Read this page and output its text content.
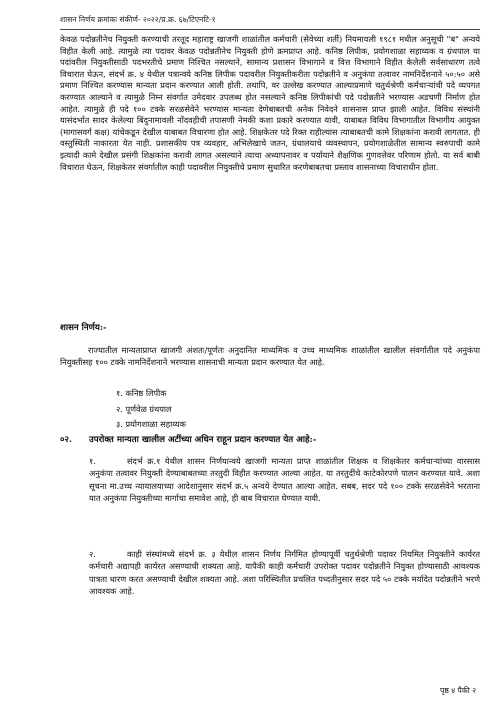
शासन निर्णय क्रमांकः संकीर्ण- २०२२/प्र.क्र. ६७/टिएनटि-१

केवळ पदोन्नतीनेच नियुक्ती करण्याची तरतूद महाराष्ट्र खाजगी शाळांतील कर्मचारी (सेवेच्या शर्ती) नियमावली १९८१ मधील अनुसूची "ब" अन्वये विहीत केली आहे. त्यामुळे त्या पदावर केवळ पदोन्नतीनेच नियुक्ती होणे क्रमप्राप्त आहे. कनिष्ठ लिपीक, प्रयोगशाळा सहाय्यक व ग्रंथपाल या पदांवरील नियुक्तीसाठी पदभरतीचे प्रमाण निश्चित नसल्याने, सामान्य प्रशासन विभागाने व वित्त विभागाने विहीत केलेली सर्वसाधारण तत्वे विचारात घेऊन, संदर्भ क्र. ४ येथील पत्रान्वये कनिष्ठ लिपीक पदावरील नियुक्तीकरीता पदोन्नतीने व अनुकंपा तत्वावर नामनिर्देशनाने ५०:५० असे प्रमाण निश्चित करण्यास मान्यता प्रदान करण्यात आली होती. तथापि, वर उल्लेख करण्यात आल्याप्रमाणे चतुर्थश्रेणी कर्मचाऱ्यांची पदे व्यपगत करण्यात आल्याने व त्यामुळे निम्न संवर्गात उमेदवार उपलब्ध होत नसल्याने कनिष्ठ लिपीकांची पदे पदोन्नतीने भरण्यास अडचणी निर्माण होत आहेत. त्यामुळे ही पदे १०० टक्के सरळसेवेने भरण्यास मान्यता देणेबाबतची अनेक निवेदने शासनास प्राप्त झाली आहेत. विविध संस्थांनी यासंदर्भात सादर केलेल्या बिंदुनामावली नोंदवहीची तपासणी नेमकी कशा प्रकारे करण्यात यावी, याबाबत विविध विभागातील विभागीय आयुक्त (मागासवर्ग कक्ष) यांचेकडून देखील याबाबत विचारणा होत आहे. शिक्षकेतर पदे रिक्त राहील्यास त्याबाबतची कामे शिक्षकांना करावी लागतात. ही वस्तुस्थिती नाकारता येत नाही. प्रशासकीय पत्र व्यवहार, अभिलेखाचे जतन, ग्रंथालयाचे व्यवस्थापन, प्रयोगशाळेतील सामान्य स्वरुपाची कामे इत्यादी कामे देखील प्रसंगी शिक्षकांना करावी लागत असल्याने त्याचा अध्यापनावर व पर्यायाने शैक्षणिक गुणवत्तेवर परिणाम होतो. या सर्व बाबी विचारात घेऊन, शिक्षकेतर संवर्गातील काही पदावरील नियुक्तीचे प्रमाण सुधारित करणेबाबतचा प्रस्ताव शासनाच्या विचाराधीन होता.

शासन निर्णय:-
राज्यातील मान्यताप्राप्त खाजगी अंशतः/पूर्णतः अनुदानित माध्यमिक व उच्च माध्यमिक शाळांतील खालील संवर्गातील पदे अनुकंपा नियुक्तीसह १०० टक्के नामनिर्देशनाने भरण्यास शासनाची मान्यता प्रदान करण्यात येत आहे.
१. कनिष्ठ लिपीक
२. पूर्णवेळ ग्रंथपाल
३. प्रयोगशाळा सहाय्यक
०२. उपरोक्त मान्यता खालील अटींच्या अधिन राहून प्रदान करण्यात येत आहे:-
१.	संदर्भ क्र.१ येथील शासन निर्णयान्वये खाजगी मान्यता प्राप्त शाळांतील शिक्षक व शिक्षकेतर कर्मचाऱ्यांच्या वारसास अनुकंपा तत्वावर नियुक्ती देण्याबाबतच्या तरतुदी विहीत करण्यात आल्या आहेत. या तरतुदींचे काटेकोरपणे पालन करण्यात यावे. अशा सूचना मा.उच्च न्यायालयाच्या आदेशानुसार संदर्भ क्र.५ अन्वये देण्यात आल्या आहेत. सबब, सदर पदे १०० टक्के सरळसेवेने भरताना यात अनुकंपा नियुक्तीच्या मार्गाचा समावेश आहे, ही बाब विचारात घेण्यात यावी.
२.	काही संस्थांमध्ये संदर्भ क्र. ३ येथील शासन निर्णय निर्गमित होण्यापूर्वी चतुर्थश्रेणी पदावर नियमित नियुक्तीने कार्यरत कर्मचारी अद्यापही कार्यरत असण्याची शक्यता आहे. यापैकी काही कर्मचारी उपरोक्त पदावर पदोन्नतीने नियुक्त होण्यासाठी आवश्यक पात्रता धारण करत असण्याची देखील शक्यता आहे. अशा परिस्थितीत प्रचलित पध्दतीनुसार सदर पदे ५० टक्के मर्यादेत पदोन्नतीने भरणे आवश्यक आहे.
पृष्ठ ४ पैकी २
